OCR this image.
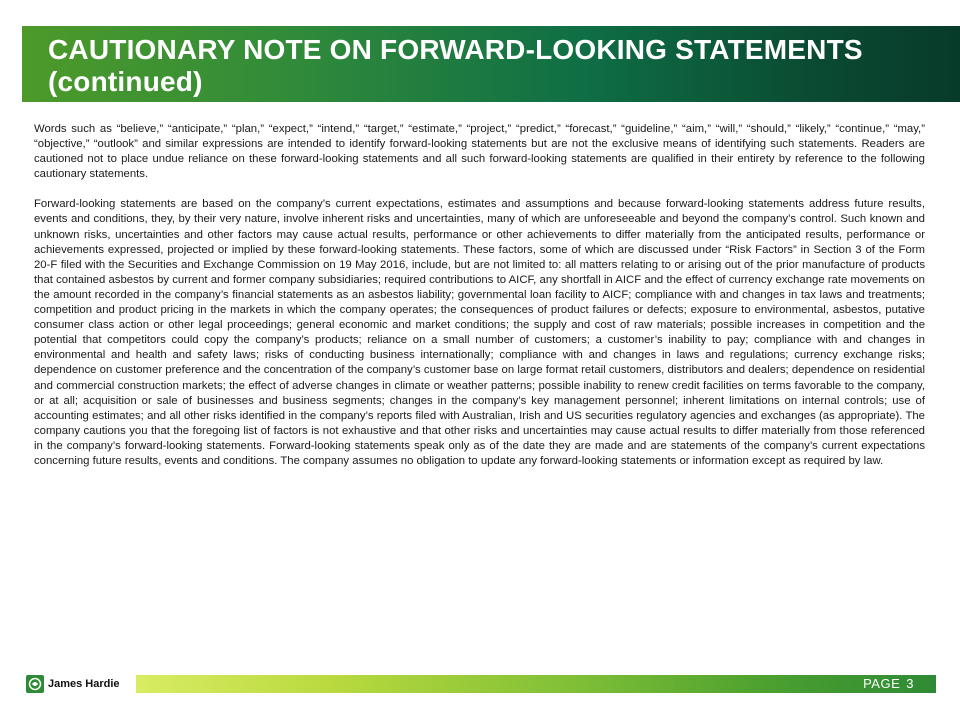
CAUTIONARY NOTE ON FORWARD-LOOKING STATEMENTS
(continued)

Words such as “believe,” “anticipate,” “plan,” “expect,” “intend,” “target,” “estimate,” “project,” “predict,” “forecast,” “guideline,” “aim,” “will,” “should,” “likely,” “continue,” “may,” “objective,” “outlook” and similar expressions are intended to identify forward-looking statements but are not the exclusive means of identifying such statements. Readers are cautioned not to place undue reliance on these forward-looking statements and all such forward-looking statements are qualified in their entirety by reference to the following cautionary statements.

Forward-looking statements are based on the company’s current expectations, estimates and assumptions and because forward-looking statements address future results, events and conditions, they, by their very nature, involve inherent risks and uncertainties, many of which are unforeseeable and beyond the company’s control. Such known and unknown risks, uncertainties and other factors may cause actual results, performance or other achievements to differ materially from the anticipated results, performance or achievements expressed, projected or implied by these forward-looking statements. These factors, some of which are discussed under “Risk Factors” in Section 3 of the Form 20-F filed with the Securities and Exchange Commission on 19 May 2016, include, but are not limited to: all matters relating to or arising out of the prior manufacture of products that contained asbestos by current and former company subsidiaries; required contributions to AICF, any shortfall in AICF and the effect of currency exchange rate movements on the amount recorded in the company’s financial statements as an asbestos liability; governmental loan facility to AICF; compliance with and changes in tax laws and treatments; competition and product pricing in the markets in which the company operates; the consequences of product failures or defects; exposure to environmental, asbestos, putative consumer class action or other legal proceedings; general economic and market conditions; the supply and cost of raw materials; possible increases in competition and the potential that competitors could copy the company’s products; reliance on a small number of customers; a customer’s inability to pay; compliance with and changes in environmental and health and safety laws; risks of conducting business internationally; compliance with and changes in laws and regulations; currency exchange risks; dependence on customer preference and the concentration of the company’s customer base on large format retail customers, distributors and dealers; dependence on residential and commercial construction markets; the effect of adverse changes in climate or weather patterns; possible inability to renew credit facilities on terms favorable to the company, or at all; acquisition or sale of businesses and business segments; changes in the company’s key management personnel; inherent limitations on internal controls; use of accounting estimates; and all other risks identified in the company’s reports filed with Australian, Irish and US securities regulatory agencies and exchanges (as appropriate). The company cautions you that the foregoing list of factors is not exhaustive and that other risks and uncertainties may cause actual results to differ materially from those referenced in the company’s forward-looking statements. Forward-looking statements speak only as of the date they are made and are statements of the company’s current expectations concerning future results, events and conditions. The company assumes no obligation to update any forward-looking statements or information except as required by law.

James Hardie	PAGE 3
